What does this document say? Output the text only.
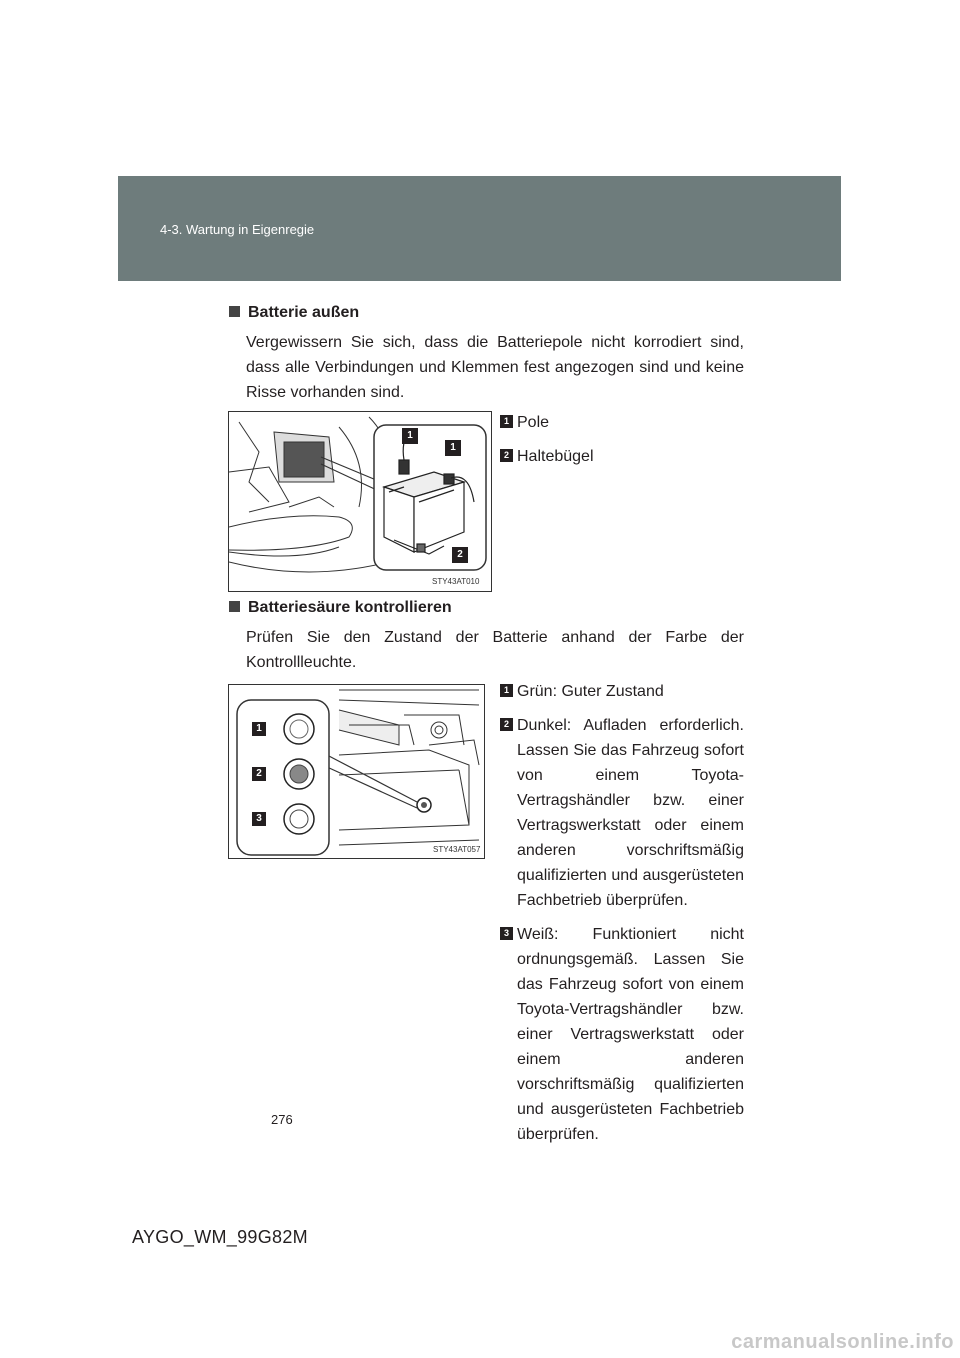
4-3. Wartung in Eigenregie
Batterie außen
Vergewissern Sie sich, dass die Batteriepole nicht korrodiert sind, dass alle Verbindungen und Klemmen fest angezogen sind und keine Risse vorhanden sind.
1
1
2
STY43AT010
1 Pole
2 Haltebügel
Batteriesäure kontrollieren
Prüfen Sie den Zustand der Batterie anhand der Farbe der Kontrollleuchte.
1
2
3
STY43AT057
1 Grün: Guter Zustand
2 Dunkel: Aufladen erforderlich. Lassen Sie das Fahrzeug sofort von einem Toyota-Vertragshändler bzw. einer Vertragswerkstatt oder einem anderen vorschriftsmäßig qualifizierten und ausgerüsteten Fachbetrieb überprüfen.
3 Weiß: Funktioniert nicht ordnungsgemäß. Lassen Sie das Fahrzeug sofort von einem Toyota-Vertragshändler bzw. einer Vertragswerkstatt oder einem anderen vorschriftsmäßig qualifizierten und ausgerüsteten Fachbetrieb überprüfen.
276
AYGO_WM_99G82M
carmanualsonline.info
